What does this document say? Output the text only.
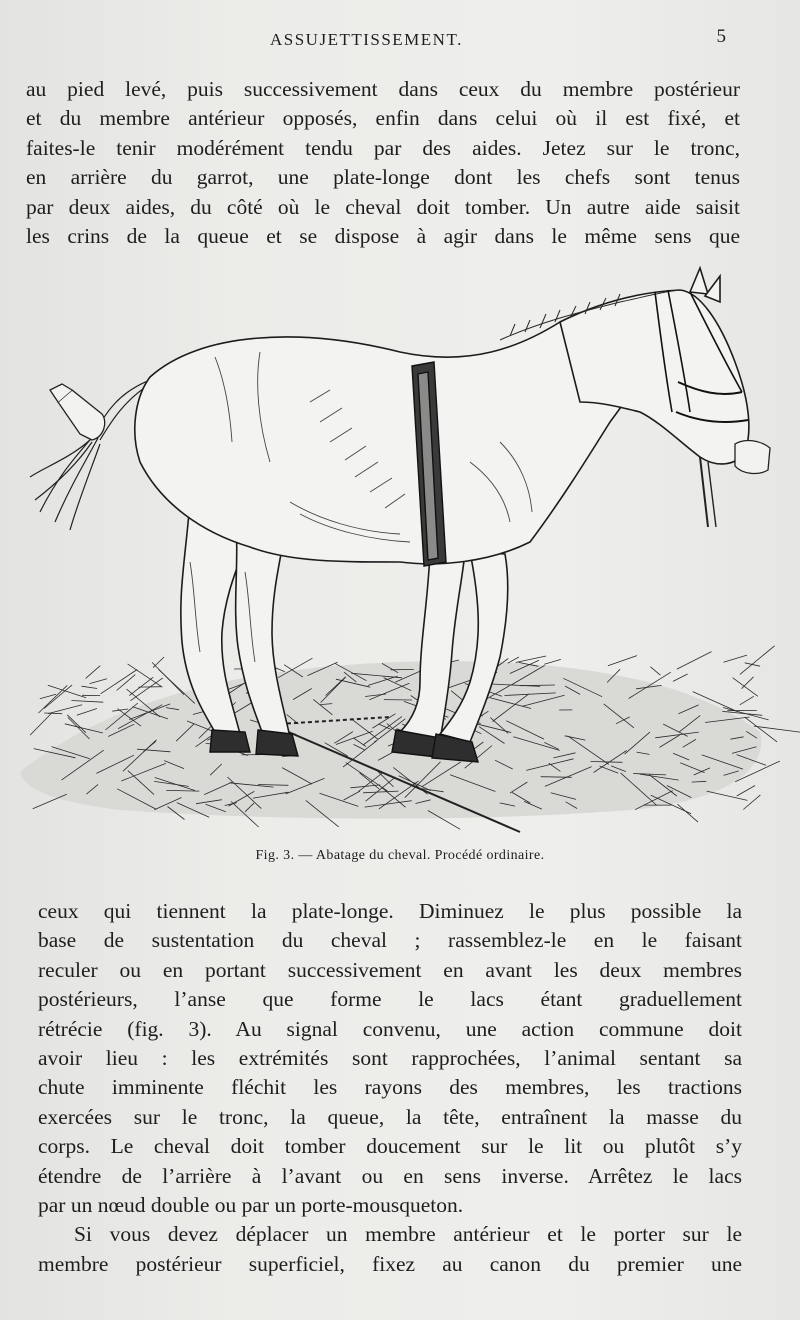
ASSUJETTISSEMENT.	5
au pied levé, puis successivement dans ceux du membre postérieur
et du membre antérieur opposés, enfin dans celui où il est fixé, et
faites-le tenir modérément tendu par des aides. Jetez sur le tronc,
en arrière du garrot, une plate-longe dont les chefs sont tenus
par deux aides, du côté où le cheval doit tomber. Un autre aide saisit
les crins de la queue et se dispose à agir dans le même sens que
Fig. 3. — Abatage du cheval. Procédé ordinaire.
ceux qui tiennent la plate-longe. Diminuez le plus possible la
base de sustentation du cheval ; rassemblez-le en le faisant
reculer ou en portant successivement en avant les deux membres
postérieurs, l’anse que forme le lacs étant graduellement
rétrécie (fig. 3). Au signal convenu, une action commune doit
avoir lieu : les extrémités sont rapprochées, l’animal sentant sa
chute imminente fléchit les rayons des membres, les tractions
exercées sur le tronc, la queue, la tête, entraînent la masse du
corps. Le cheval doit tomber doucement sur le lit ou plutôt s’y
étendre de l’arrière à l’avant ou en sens inverse. Arrêtez le lacs
par un nœud double ou par un porte-mousqueton.
Si vous devez déplacer un membre antérieur et le porter sur le
membre postérieur superficiel, fixez au canon du premier une
